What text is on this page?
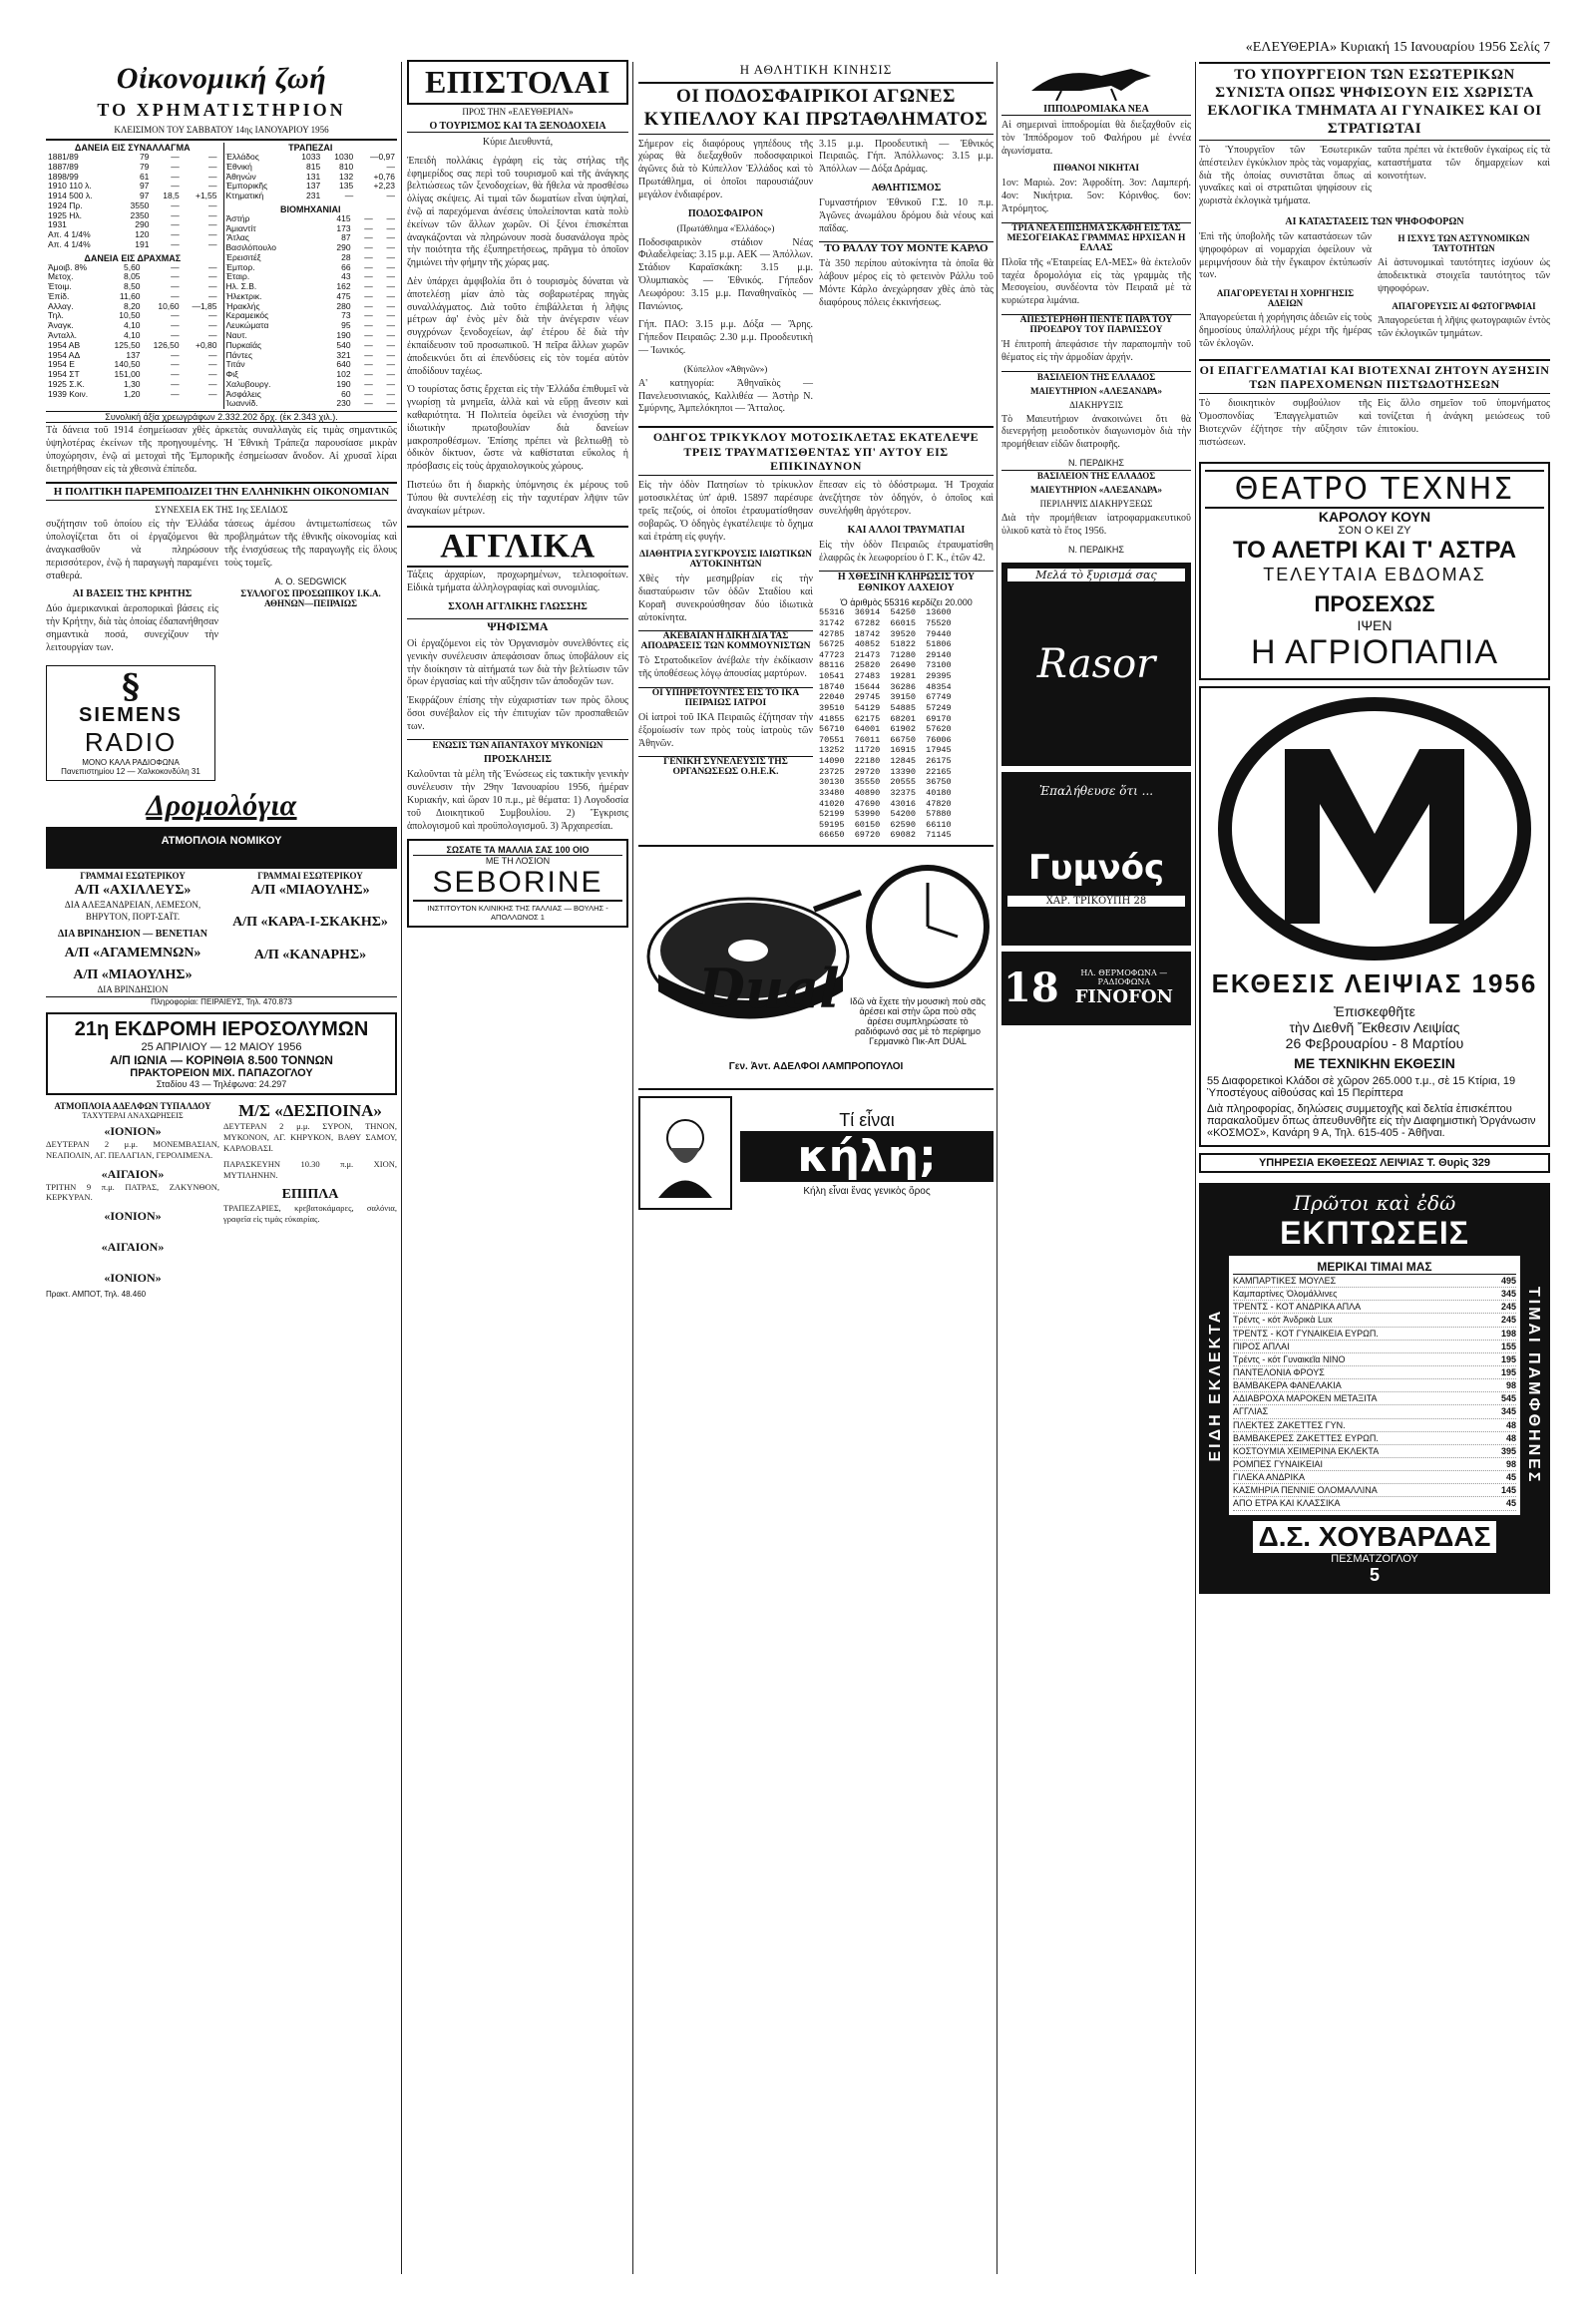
«ΕΛΕΥΘΕΡΙΑ» Κυριακή 15 Ιανουαρίου 1956 Σελίς 7
Οἰκονομική ζωή
ΤΟ ΧΡΗΜΑΤΙΣΤΗΡΙΟΝ
ΚΛΕΙΣΙΜΟΝ ΤΟΥ ΣΑΒΒΑΤΟΥ 14ης ΙΑΝΟΥΑΡΙΟΥ 1956
ΔΑΝΕΙΑ ΕΙΣ ΣΥΝΑΛΛΑΓΜΑ
1881/89	79	—	—
1887/89	79	—	—
1898/99	61	—	—
1910 110 λ.	97	—	—
1914 500 λ.	97	18,5	+1,55
1924 Πρ.	3550	—	—
1925 Ηλ.	2350	—	—
1931	290	—	—
Απ. 4 1/4%	120	—	—
Απ. 4 1/4%	191	—	—
ΔΑΝΕΙΑ ΕΙΣ ΔΡΑΧΜΑΣ
Ἀμοιβ. 8%	5,60	—	—
Μετοχ.	8,05	—	—
Ἐτοιμ.	8,50	—	—
Ἐπίδ.	11,60	—	—
Αλλαγ.	8,20	10,60	—1,85
Τηλ.	10,50	—	—
Ἀναγκ.	4,10	—	—
Ἀνταλλ.	4,10	—	—
1954 ΑΒ	125,50	126,50	+0,80
1954 ΑΔ	137	—	—
1954 Ε	140,50	—	—
1954 ΣΤ	151,00	—	—
1925 Σ.Κ.	1,30	—	—
1939 Κοιν.	1,20	—	—
ΤΡΑΠΕΖΑΙ
Ἑλλάδος	1033	1030	—0,97
Ἐθνική	815	810	—
Ἀθηνών	131	132	+0,76
Ἐμπορικῆς	137	135	+2,23
Κτηματική	231	—	—
ΒΙΟΜΗΧΑΝΙΑΙ
Ἀστήρ	415	—	—
Ἀμιαντίτ	173	—	—
Ἄτλας	87	—	—
Βασιλόπουλο	290	—	—
Ἐρεισιτέξ	28	—	—
Ἐμπορ.	66	—	—
Ἐταιρ.	43	—	—
Ηλ. Σ.Β.	162	—	—
Ἠλεκτρικ.	475	—	—
Ἠρακλής	280	—	—
Κεραμεικός	73	—	—
Λευκώματα	95	—	—
Ναυτ.	190	—	—
Πυρκαϊάς	540	—	—
Πάντες	321	—	—
Τιτάν	640	—	—
Φιξ	102	—	—
Χαλυβουργ.	190	—	—
Ἀσφάλεις	60	—	—
Ἰωαννίδ.	230	—	—
Συνολική ἀξία χρεωγράφων 2.332.202 δρχ. (ἐκ 2.343 χιλ.).

Τὰ δάνεια τοῦ 1914 ἐσημείωσαν χθὲς ἀρκετὰς συναλλαγὰς εἰς τιμὰς σημαντικῶς ὑψηλοτέρας ἐκείνων τῆς προηγουμένης. Ἡ Ἐθνικὴ Τράπεζα παρουσίασε μικρὰν ὑποχώρησιν, ἐνῷ αἱ μετοχαὶ τῆς Ἐμπορικῆς ἐσημείωσαν ἄνοδον. Αἱ χρυσαῖ λίραι διετηρήθησαν εἰς τὰ χθεσινὰ ἐπίπεδα.

Η ΠΟΛΙΤΙΚΗ ΠΑΡΕΜΠΟΔΙΖΕΙ ΤΗΝ ΕΛΛΗΝΙΚΗΝ ΟΙΚΟΝΟΜΙΑΝ
ΣΥΝΕΧΕΙΑ ΕΚ ΤΗΣ 1ης ΣΕΛΙΔΟΣ

συζήτησιν τοῦ ὁποίου εἰς τὴν Ἑλλάδα ὑπολογίζεται ὅτι οἱ ἐργαζόμενοι θὰ ἀναγκασθοῦν νὰ πληρώσουν περισσότερον, ἐνῷ ἡ παραγωγὴ παραμένει σταθερά.

ΑΙ ΒΑΣΕΙΣ ΤΗΣ ΚΡΗΤΗΣ

Δύο ἀμερικανικαὶ ἀεροπορικαὶ βάσεις εἰς τὴν Κρήτην, διὰ τὰς ὁποίας ἐδαπανήθησαν σημαντικὰ ποσά, συνεχίζουν τὴν λειτουργίαν των.

τάσεως ἀμέσου ἀντιμετωπίσεως τῶν προβλημάτων τῆς ἐθνικῆς οἰκονομίας καὶ τῆς ἐνισχύσεως τῆς παραγωγῆς εἰς ὅλους τοὺς τομεῖς.

Α. Ο. SEDGWICK
ΣΥΛΛΟΓΟΣ ΠΡΟΣΩΠΙΚΟΥ Ι.Κ.Α. ΑΘΗΝΩΝ—ΠΕΙΡΑΙΩΣ
§
SIEMENS
RADIO
ΜΟΝΟ ΚΑΛΑ ΡΑΔΙΟΦΩΝΑ
Πανεπιστημίου 12 — Χαλκοκονδύλη 31
Δρομολόγια
ΑΤΜΟΠΛΟΙΑ ΝΟΜΙΚΟΥ
ΓΡΑΜΜΑΙ ΕΣΩΤΕΡΙΚΟΥ
Α/Π «ΑΧΙΛΛΕΥΣ»
ΔΙΑ ΑΛΕΞΑΝΔΡΕΙΑΝ, ΛΕΜΕΣΟΝ, ΒΗΡΥΤΟΝ, ΠΟΡΤ-ΣΑΪΤ.
ΔΙΑ ΒΡΙΝΔΗΣΙΟΝ — ΒΕΝΕΤΙΑΝ
Α/Π «ΑΓΑΜΕΜΝΩΝ»
Α/Π «ΜΙΑΟΥΛΗΣ»
ΔΙΑ ΒΡΙΝΔΗΣΙΟΝ
ΓΡΑΜΜΑΙ ΕΣΩΤΕΡΙΚΟΥ
Α/Π «ΜΙΑΟΥΛΗΣ»
Α/Π «ΚΑΡΑ-Ι-ΣΚΑΚΗΣ»
Α/Π «ΚΑΝΑΡΗΣ»
Πληροφορίαι: ΠΕΙΡΑΙΕΥΣ, Τηλ. 470.873
21η ΕΚΔΡΟΜΗ ΙΕΡΟΣΟΛΥΜΩΝ
25 ΑΠΡΙΛΙΟΥ — 12 ΜΑΙΟΥ 1956
Α/Π ΙΩΝΙΑ — ΚΟΡΙΝΘΙΑ 8.500 ΤΟΝΝΩΝ
ΠΡΑΚΤΟΡΕΙΟΝ ΜΙΧ. ΠΑΠΑΖΟΓΛΟΥ
Σταδίου 43 — Τηλέφωνα: 24.297
ΑΤΜΟΠΛΟΙΑ ΑΔΕΛΦΩΝ ΤΥΠΑΛΔΟΥ
ΤΑΧΥΤΕΡΑΙ ΑΝΑΧΩΡΗΣΕΙΣ
«ΙΟΝΙΟΝ»

ΔΕΥΤΕΡΑΝ 2 μ.μ. ΜΟΝΕΜΒΑΣΙΑΝ, ΝΕΑΠΟΛΙΝ, ΑΓ. ΠΕΛΑΓΙΑΝ, ΓΕΡΟΛΙΜΕΝΑ.

«ΑΙΓΑΙΟΝ»

ΤΡΙΤΗΝ 9 π.μ. ΠΑΤΡΑΣ, ΖΑΚΥΝΘΟΝ, ΚΕΡΚΥΡΑΝ.

«ΙΟΝΙΟΝ»
«ΑΙΓΑΙΟΝ»
«ΙΟΝΙΟΝ»
Πρακτ. ΑΜΠΟΤ, Τηλ. 48.460
Μ/Σ «ΔΕΣΠΟΙΝΑ»

ΔΕΥΤΕΡΑΝ 2 μ.μ. ΣΥΡΟΝ, ΤΗΝΟΝ, ΜΥΚΟΝΟΝ, ΑΓ. ΚΗΡΥΚΟΝ, ΒΑΘΥ ΣΑΜΟΥ, ΚΑΡΛΟΒΑΣΙ.

ΠΑΡΑΣΚΕΥΗΝ 10.30 π.μ. ΧΙΟΝ, ΜΥΤΙΛΗΝΗΝ.

ΕΠΙΠΛΑ

ΤΡΑΠΕΖΑΡΙΕΣ, κρεβατοκάμαρες, σαλόνια, γραφεῖα εἰς τιμὰς εὐκαιρίας.

ΕΠΙΣΤΟΛΑΙ
ΠΡΟΣ ΤΗΝ «ΕΛΕΥΘΕΡΙΑΝ»
Ο ΤΟΥΡΙΣΜΟΣ ΚΑΙ ΤΑ ΞΕΝΟΔΟΧΕΙΑ
Κύριε Διευθυντά,

Ἐπειδὴ πολλάκις ἐγράφη εἰς τὰς στήλας τῆς ἐφημερίδος σας περὶ τοῦ τουρισμοῦ καὶ τῆς ἀνάγκης βελτιώσεως τῶν ξενοδοχείων, θὰ ἤθελα νὰ προσθέσω ὀλίγας σκέψεις. Αἱ τιμαὶ τῶν δωματίων εἶναι ὑψηλαί, ἐνῷ αἱ παρεχόμεναι ἀνέσεις ὑπολείπονται κατὰ πολὺ ἐκείνων τῶν ἄλλων χωρῶν. Οἱ ξένοι ἐπισκέπται ἀναγκάζονται νὰ πληρώνουν ποσὰ δυσανάλογα πρὸς τὴν ποιότητα τῆς ἐξυπηρετήσεως, πρᾶγμα τὸ ὁποῖον ζημιώνει τὴν φήμην τῆς χώρας μας.

Δὲν ὑπάρχει ἀμφιβολία ὅτι ὁ τουρισμὸς δύναται νὰ ἀποτελέσῃ μίαν ἀπὸ τὰς σοβαρωτέρας πηγὰς συναλλάγματος. Διὰ τοῦτο ἐπιβάλλεται ἡ λῆψις μέτρων ἀφ' ἑνὸς μὲν διὰ τὴν ἀνέγερσιν νέων συγχρόνων ξενοδοχείων, ἀφ' ἑτέρου δὲ διὰ τὴν ἐκπαίδευσιν τοῦ προσωπικοῦ. Ἡ πεῖρα ἄλλων χωρῶν ἀποδεικνύει ὅτι αἱ ἐπενδύσεις εἰς τὸν τομέα αὐτὸν ἀποδίδουν ταχέως.

Ὁ τουρίστας ὅστις ἔρχεται εἰς τὴν Ἑλλάδα ἐπιθυμεῖ νὰ γνωρίσῃ τὰ μνημεῖα, ἀλλὰ καὶ νὰ εὕρῃ ἄνεσιν καὶ καθαριότητα. Ἡ Πολιτεία ὀφείλει νὰ ἐνισχύσῃ τὴν ἰδιωτικὴν πρωτοβουλίαν διὰ δανείων μακροπροθέσμων. Ἐπίσης πρέπει νὰ βελτιωθῇ τὸ ὁδικὸν δίκτυον, ὥστε νὰ καθίσταται εὔκολος ἡ πρόσβασις εἰς τοὺς ἀρχαιολογικοὺς χώρους.

Πιστεύω ὅτι ἡ διαρκὴς ὑπόμνησις ἐκ μέρους τοῦ Τύπου θὰ συντελέσῃ εἰς τὴν ταχυτέραν λῆψιν τῶν ἀναγκαίων μέτρων.

ΑΓΓΛΙΚΑ

Τάξεις ἀρχαρίων, προχωρημένων, τελειοφοίτων. Εἰδικὰ τμήματα ἀλληλογραφίας καὶ συνομιλίας.

ΣΧΟΛΗ ΑΓΓΛΙΚΗΣ ΓΛΩΣΣΗΣ
ΨΗΦΙΣΜΑ

Οἱ ἐργαζόμενοι εἰς τὸν Ὀργανισμὸν συνελθόντες εἰς γενικὴν συνέλευσιν ἀπεφάσισαν ὅπως ὑποβάλουν εἰς τὴν διοίκησιν τὰ αἰτήματά των διὰ τὴν βελτίωσιν τῶν ὅρων ἐργασίας καὶ τὴν αὔξησιν τῶν ἀποδοχῶν των.

Ἐκφράζουν ἐπίσης τὴν εὐχαριστίαν των πρὸς ὅλους ὅσοι συνέβαλον εἰς τὴν ἐπιτυχίαν τῶν προσπαθειῶν των.

ΕΝΩΣΙΣ ΤΩΝ ΑΠΑΝΤΑΧΟΥ ΜΥΚΟΝΙΩΝ
ΠΡΟΣΚΛΗΣΙΣ

Καλοῦνται τὰ μέλη τῆς Ἑνώσεως εἰς τακτικὴν γενικὴν συνέλευσιν τὴν 29ην Ἰανουαρίου 1956, ἡμέραν Κυριακήν, καὶ ὥραν 10 π.μ., μὲ θέματα: 1) Λογοδοσία τοῦ Διοικητικοῦ Συμβουλίου. 2) Ἔγκρισις ἀπολογισμοῦ καὶ προϋπολογισμοῦ. 3) Ἀρχαιρεσίαι.

ΣΩΣΑΤΕ ΤΑ ΜΑΛΛΙΑ ΣΑΣ 100 ΟΙΟ
ΜΕ ΤΗ ΛΟΣΙΟΝ
SEBORINE
ΙΝΣΤΙΤΟΥΤΟΝ ΚΛΙΝΙΚΗΣ ΤΗΣ ΓΑΛΛΙΑΣ — ΒΟΥΛΗΣ - ΑΠΟΛΛΩΝΟΣ 1
Η ΑΘΛΗΤΙΚΗ ΚΙΝΗΣΙΣ
ΟΙ ΠΟΔΟΣΦΑΙΡΙΚΟΙ ΑΓΩΝΕΣ ΚΥΠΕΛΛΟΥ ΚΑΙ ΠΡΩΤΑΘΛΗΜΑΤΟΣ

Σήμερον εἰς διαφόρους γηπέδους τῆς χώρας θὰ διεξαχθοῦν ποδοσφαιρικοὶ ἀγῶνες διὰ τὸ Κύπελλον Ἑλλάδος καὶ τὸ Πρωτάθλημα, οἱ ὁποῖοι παρουσιάζουν μεγάλον ἐνδιαφέρον.

ΠΟΔΟΣΦΑΙΡΟΝ
(Πρωτάθλημα «Ἑλλάδος»)

Ποδοσφαιρικὸν στάδιον Νέας Φιλαδελφείας: 3.15 μ.μ. ΑΕΚ — Ἀπόλλων. Στάδιον Καραϊσκάκη: 3.15 μ.μ. Ὀλυμπιακὸς — Ἐθνικός. Γήπεδον Λεωφόρου: 3.15 μ.μ. Παναθηναϊκὸς — Πανιώνιος.

Γήπ. ΠΑΟ: 3.15 μ.μ. Δόξα — Ἄρης. Γήπεδον Πειραιῶς: 2.30 μ.μ. Προοδευτικὴ — Ἰωνικός.

(Κύπελλον «Ἀθηνῶν»)

Α' κατηγορία: Ἀθηναϊκὸς — Πανελευσινιακός, Καλλιθέα — Ἀστὴρ Ν. Σμύρνης, Ἀμπελόκηποι — Ἄτταλος.

3.15 μ.μ. Προοδευτικὴ — Ἐθνικός Πειραιῶς. Γήπ. Ἀπόλλωνος: 3.15 μ.μ. Ἀπόλλων — Δόξα Δράμας.

ΑΘΛΗΤΙΣΜΟΣ

Γυμναστήριον Ἐθνικοῦ Γ.Σ. 10 π.μ. Ἀγῶνες ἀνωμάλου δρόμου διὰ νέους καὶ παῖδας.

ΤΟ ΡΑΛΛΥ ΤΟΥ ΜΟΝΤΕ ΚΑΡΛΟ

Τὰ 350 περίπου αὐτοκίνητα τὰ ὁποῖα θὰ λάβουν μέρος εἰς τὸ φετεινὸν Ράλλυ τοῦ Μόντε Κάρλο ἀνεχώρησαν χθὲς ἀπὸ τὰς διαφόρους πόλεις ἐκκινήσεως.

ΟΔΗΓΟΣ ΤΡΙΚΥΚΛΟΥ ΜΟΤΟΣΙΚΛΕΤΑΣ ΕΚΑΤΕΛΕΨΕ ΤΡΕΙΣ ΤΡΑΥΜΑΤΙΣΘΕΝΤΑΣ ΥΠ' ΑΥΤΟΥ ΕΙΣ ΕΠΙΚΙΝΔΥΝΟΝ

Εἰς τὴν ὁδὸν Πατησίων τὸ τρίκυκλον μοτοσικλέτας ὑπ' ἀριθ. 15897 παρέσυρε τρεῖς πεζούς, οἱ ὁποῖοι ἐτραυματίσθησαν σοβαρῶς. Ὁ ὁδηγὸς ἐγκατέλειψε τὸ ὄχημα καὶ ἐτράπη εἰς φυγήν.

ΔΙΑΘΗΤΡΙΑ ΣΥΓΚΡΟΥΣΙΣ ΙΔΙΩΤΙΚΩΝ ΑΥΤΟΚΙΝΗΤΩΝ

Χθὲς τὴν μεσημβρίαν εἰς τὴν διασταύρωσιν τῶν ὁδῶν Σταδίου καὶ Κοραῆ συνεκρούσθησαν δύο ἰδιωτικὰ αὐτοκίνητα.

ΑΚΕΒΑΙΑΝ Η ΔΙΚΗ ΔΙΑ ΤΑΣ ΑΠΟΔΡΑΣΕΙΣ ΤΩΝ ΚΟΜΜΟΥΝΙΣΤΩΝ

Τὸ Στρατοδικεῖον ἀνέβαλε τὴν ἐκδίκασιν τῆς ὑποθέσεως λόγῳ ἀπουσίας μαρτύρων.

ΟΙ ΥΠΗΡΕΤΟΥΝΤΕΣ ΕΙΣ ΤΟ ΙΚΑ ΠΕΙΡΑΙΩΣ ΙΑΤΡΟΙ

Οἱ ἰατροὶ τοῦ ΙΚΑ Πειραιῶς ἐζήτησαν τὴν ἐξομοίωσίν των πρὸς τοὺς ἰατροὺς τῶν Ἀθηνῶν.

ΓΕΝΙΚΗ ΣΥΝΕΛΕΥΣΙΣ ΤΗΣ ΟΡΓΑΝΩΣΕΩΣ Ο.Η.Ε.Κ.

ἔπεσαν εἰς τὸ ὁδόστρωμα. Ἡ Τροχαία ἀνεζήτησε τὸν ὁδηγόν, ὁ ὁποῖος καὶ συνελήφθη ἀργότερον.

ΚΑΙ ΑΛΛΟΙ ΤΡΑΥΜΑΤΙΑΙ

Εἰς τὴν ὁδὸν Πειραιῶς ἐτραυματίσθη ἐλαφρῶς ἐκ λεωφορείου ὁ Γ. Κ., ἐτῶν 42.

Η ΧΘΕΣΙΝΗ ΚΛΗΡΩΣΙΣ ΤΟΥ ΕΘΝΙΚΟΥ ΛΑΧΕΙΟΥ
Ὁ ἀριθμὸς 55316 κερδίζει 20.000
55316  36914  54250  13600
31742  67282  66015  75520
42785  18742  39520  79440
56725  40852  51822  51806
47723  21473  71280  29140
88116  25820  26490  73100
10541  27483  19281  29395
18740  15644  36286  48354
22040  29745  39150  67749
39510  54129  54885  57249
41855  62175  68201  69170
56710  64001  61902  57620
70551  76011  66750  76006
13252  11720  16915  17945
14090  22180  12845  26175
23725  29720  13390  22165
30130  35550  20555  36750
33480  40890  32375  40180
41020  47690  43016  47820
52199  53990  54200  57880
59195  60150  62590  66110
66650  69720  69082  71145
Dual Ιδῶ νὰ ἔχετε τὴν μουσικὴ ποὺ σᾶς ἀρέσει καὶ στὴν ὥρα ποὺ σᾶς ἀρέσει συμπληρώσατε τὸ ραδιόφωνό σας μὲ τὸ περίφημο Γερμανικὸ Πικ-Απ DUAL
Γεν. Ἀντ. ΑΔΕΛΦΟΙ ΛΑΜΠΡΟΠΟΥΛΟΙ
Τί εἶναι
κήλη;
Κήλη εἶναι ἕνας γενικὸς ὅρος
ΙΠΠΟΔΡΟΜΙΑΚΑ ΝΕΑ

Αἱ σημεριναὶ ἱπποδρομίαι θὰ διεξαχθοῦν εἰς τὸν Ἱππόδρομον τοῦ Φαλήρου μὲ ἐννέα ἀγωνίσματα.

ΠΙΘΑΝΟΙ ΝΙΚΗΤΑΙ

1ον: Μαριὼ. 2ον: Ἀφροδίτη. 3ον: Λαμπερή. 4ον: Νικήτρια. 5ον: Κόρινθος. 6ον: Ἀτρόμητος.

ΤΡΙΑ ΝΕΑ ΕΠΙΣΗΜΑ ΣΚΑΦΗ ΕΙΣ ΤΑΣ ΜΕΣΟΓΕΙΑΚΑΣ ΓΡΑΜΜΑΣ ΗΡΧΙΣΑΝ Η ΕΛΛΑΣ

Πλοῖα τῆς «Ἐταιρείας ΕΛ-ΜΕΣ» θὰ ἐκτελοῦν ταχέα δρομολόγια εἰς τὰς γραμμὰς τῆς Μεσογείου, συνδέοντα τὸν Πειραιᾶ μὲ τὰ κυριώτερα λιμάνια.

ΑΠΕΣΤΕΡΗΘΗ ΠΕΝΤΕ ΠΑΡΑ ΤΟΥ ΠΡΟΕΔΡΟΥ ΤΟΥ ΠΑΡΛΙΣΣΟΥ

Ἡ ἐπιτροπὴ ἀπεφάσισε τὴν παραπομπὴν τοῦ θέματος εἰς τὴν ἁρμοδίαν ἀρχήν.

ΒΑΣΙΛΕΙΟΝ ΤΗΣ ΕΛΛΑΔΟΣ
ΜΑΙΕΥΤΗΡΙΟΝ «ΑΛΕΞΑΝΔΡΑ»
ΔΙΑΚΗΡΥΞΙΣ

Τὸ Μαιευτήριον ἀνακοινώνει ὅτι θὰ διενεργήσῃ μειοδοτικὸν διαγωνισμὸν διὰ τὴν προμήθειαν εἰδῶν διατροφῆς.

Ν. ΠΕΡΔΙΚΗΣ
ΒΑΣΙΛΕΙΟΝ ΤΗΣ ΕΛΛΑΔΟΣ
ΜΑΙΕΥΤΗΡΙΟΝ «ΑΛΕΞΑΝΔΡΑ»
ΠΕΡΙΛΗΨΙΣ ΔΙΑΚΗΡΥΞΕΩΣ

Διὰ τὴν προμήθειαν ἰατροφαρμακευτικοῦ ὑλικοῦ κατὰ τὸ ἔτος 1956.

Ν. ΠΕΡΔΙΚΗΣ
Μελά τὸ ξυρισμά σας
Rasor
Ἐπαλήθευσε ὅτι ...
Γυμνός
ΧΑΡ. ΤΡΙΚΟΥΠΗ 28
18	ΗΛ. ΘΕΡΜΟΦΩΝΑ — ΡΑΔΙΟΦΩΝΑ
FINOFON
ΤΟ ΥΠΟΥΡΓΕΙΟΝ ΤΩΝ ΕΣΩΤΕΡΙΚΩΝ ΣΥΝΙΣΤΑ ΟΠΩΣ ΨΗΦΙΣΟΥΝ ΕΙΣ ΧΩΡΙΣΤΑ ΕΚΛΟΓΙΚΑ ΤΜΗΜΑΤΑ ΑΙ ΓΥΝΑΙΚΕΣ ΚΑΙ ΟΙ ΣΤΡΑΤΙΩΤΑΙ

Τὸ Ὑπουργεῖον τῶν Ἐσωτερικῶν ἀπέστειλεν ἐγκύκλιον πρὸς τὰς νομαρχίας, διὰ τῆς ὁποίας συνιστᾶται ὅπως αἱ γυναῖκες καὶ οἱ στρατιῶται ψηφίσουν εἰς χωριστὰ ἐκλογικὰ τμήματα.

ταῦτα πρέπει νὰ ἐκτεθοῦν ἐγκαίρως εἰς τὰ καταστήματα τῶν δημαρχείων καὶ κοινοτήτων.

ΑΙ ΚΑΤΑΣΤΑΣΕΙΣ ΤΩΝ ΨΗΦΟΦΟΡΩΝ

Ἐπὶ τῆς ὑποβολῆς τῶν καταστάσεων τῶν ψηφοφόρων αἱ νομαρχίαι ὀφείλουν νὰ μεριμνήσουν διὰ τὴν ἔγκαιρον ἐκτύπωσίν των.

ΑΠΑΓΟΡΕΥΕΤΑΙ Η ΧΟΡΗΓΗΣΙΣ ΑΔΕΙΩΝ

Ἀπαγορεύεται ἡ χορήγησις ἀδειῶν εἰς τοὺς δημοσίους ὑπαλλήλους μέχρι τῆς ἡμέρας τῶν ἐκλογῶν.

Η ΙΣΧΥΣ ΤΩΝ ΑΣΤΥΝΟΜΙΚΩΝ ΤΑΥΤΟΤΗΤΩΝ

Αἱ ἀστυνομικαὶ ταυτότητες ἰσχύουν ὡς ἀποδεικτικὰ στοιχεῖα ταυτότητος τῶν ψηφοφόρων.

ΑΠΑΓΟΡΕΥΣΙΣ ΑΙ ΦΩΤΟΓΡΑΦΙΑΙ

Ἀπαγορεύεται ἡ λῆψις φωτογραφιῶν ἐντὸς τῶν ἐκλογικῶν τμημάτων.

ΟΙ ΕΠΑΓΓΕΛΜΑΤΙΑΙ ΚΑΙ ΒΙΟΤΕΧΝΑΙ ΖΗΤΟΥΝ ΑΥΞΗΣΙΝ ΤΩΝ ΠΑΡΕΧΟΜΕΝΩΝ ΠΙΣΤΩΔΟΤΗΣΕΩΝ

Τὸ διοικητικὸν συμβούλιον τῆς Ὁμοσπονδίας Ἐπαγγελματιῶν καὶ Βιοτεχνῶν ἐζήτησε τὴν αὔξησιν τῶν πιστώσεων.

Εἰς ἄλλο σημεῖον τοῦ ὑπομνήματος τονίζεται ἡ ἀνάγκη μειώσεως τοῦ ἐπιτοκίου.

ΘΕΑΤΡΟ ΤΕΧΝΗΣ
ΚΑΡΟΛΟΥ ΚΟΥΝ
ΣΟΝ Ο ΚΕΙ ΖΥ
ΤΟ ΑΛΕΤΡΙ ΚΑΙ Τ' ΑΣΤΡΑ
ΤΕΛΕΥΤΑΙΑ ΕΒΔΟΜΑΣ
ΠΡΟΣΕΧΩΣ
ΙΨΕΝ
Η ΑΓΡΙΟΠΑΠΙΑ
ΕΚΘΕΣΙΣ ΛΕΙΨΙΑΣ 1956
Ἐπισκεφθῆτε
τὴν Διεθνῆ Ἔκθεσιν Λειψίας
26 Φεβρουαρίου - 8 Μαρτίου
ΜΕ ΤΕΧΝΙΚΗΝ ΕΚΘΕΣΙΝ
55 Διαφορετικοὶ Κλάδοι σὲ χῶρον 265.000 τ.μ., σὲ 15 Κτίρια, 19 Ὑποστέγους αἰθούσας καὶ 15 Περίπτερα
Διὰ πληροφορίας, δηλώσεις συμμετοχῆς καὶ δελτία ἐπισκέπτου παρακαλοῦμεν ὅπως ἀπευθυνθῆτε εἰς τὴν Διαφημιστικὴ Ὀργάνωσιν «ΚΟΣΜΟΣ», Κανάρη 9 Α, Τηλ. 615-405 - Ἀθῆναι.
ΥΠΗΡΕΣΙΑ ΕΚΘΕΣΕΩΣ ΛΕΙΨΙΑΣ Τ. Θυρὶς 329
Πρῶτοι καὶ ἐδῶ
ΕΚΠΤΩΣΕΙΣ
ΕΙΔΗ ΕΚΛΕΚΤΑ
ΜΕΡΙΚΑΙ ΤΙΜΑΙ ΜΑΣ
ΚΑΜΠΑΡΤΙΚΕΣ ΜΟΥΛΕΣ	495
Καμπαρτίνες Ὀλομάλλινες	345
ΤΡΕΝΤΣ - ΚΟΤ ΑΝΔΡΙΚΑ ΑΠΛΑ	245
Τρέντς - κότ Ἀνδρικὰ Lux	245
ΤΡΕΝΤΣ - ΚΟΤ ΓΥΝΑΙΚΕΙΑ ΕΥΡΩΠ.	198
ΠΙΡΟΣ ΑΠΛΑΙ	155
Τρέντς - κότ Γυναικεῖα ΝΙΝΟ	195
ΠΑΝΤΕΛΟΝΙΑ ΦΡΟΥΣ	195
ΒΑΜΒΑΚΕΡΑ ΦΑΝΕΛΑΚΙΑ	98
ΑΔΙΑΒΡΟΧΑ ΜΑΡΟΚΕΝ ΜΕΤΑΞΙΤΑ	545
ΑΓΓΛΙΑΣ	345
ΠΛΕΚΤΕΣ ΖΑΚΕΤΤΕΣ ΓΥΝ.	48
ΒΑΜΒΑΚΕΡΕΣ ΖΑΚΕΤΤΕΣ ΕΥΡΩΠ.	48
ΚΟΣΤΟΥΜΙΑ ΧΕΙΜΕΡΙΝΑ ΕΚΛΕΚΤΑ	395
ΡΟΜΠΕΣ ΓΥΝΑΙΚΕΙΑΙ	98
ΓΙΛΕΚΑ ΑΝΔΡΙΚΑ	45
ΚΑΣΜΗΡΙΑ ΠΕΝΝΙΕ ΟΛΟΜΑΛΛΙΝΑ	145
ΑΠΟ ΕΤΡΑ ΚΑΙ ΚΛΑΣΣΙΚΑ	45
ΤΙΜΑΙ ΠΑΜΦΘΗΝΕΣ
Δ.Σ. ΧΟΥΒΑΡΔΑΣ
ΠΕΣΜΑΤΖΟΓΛΟΥ
5
